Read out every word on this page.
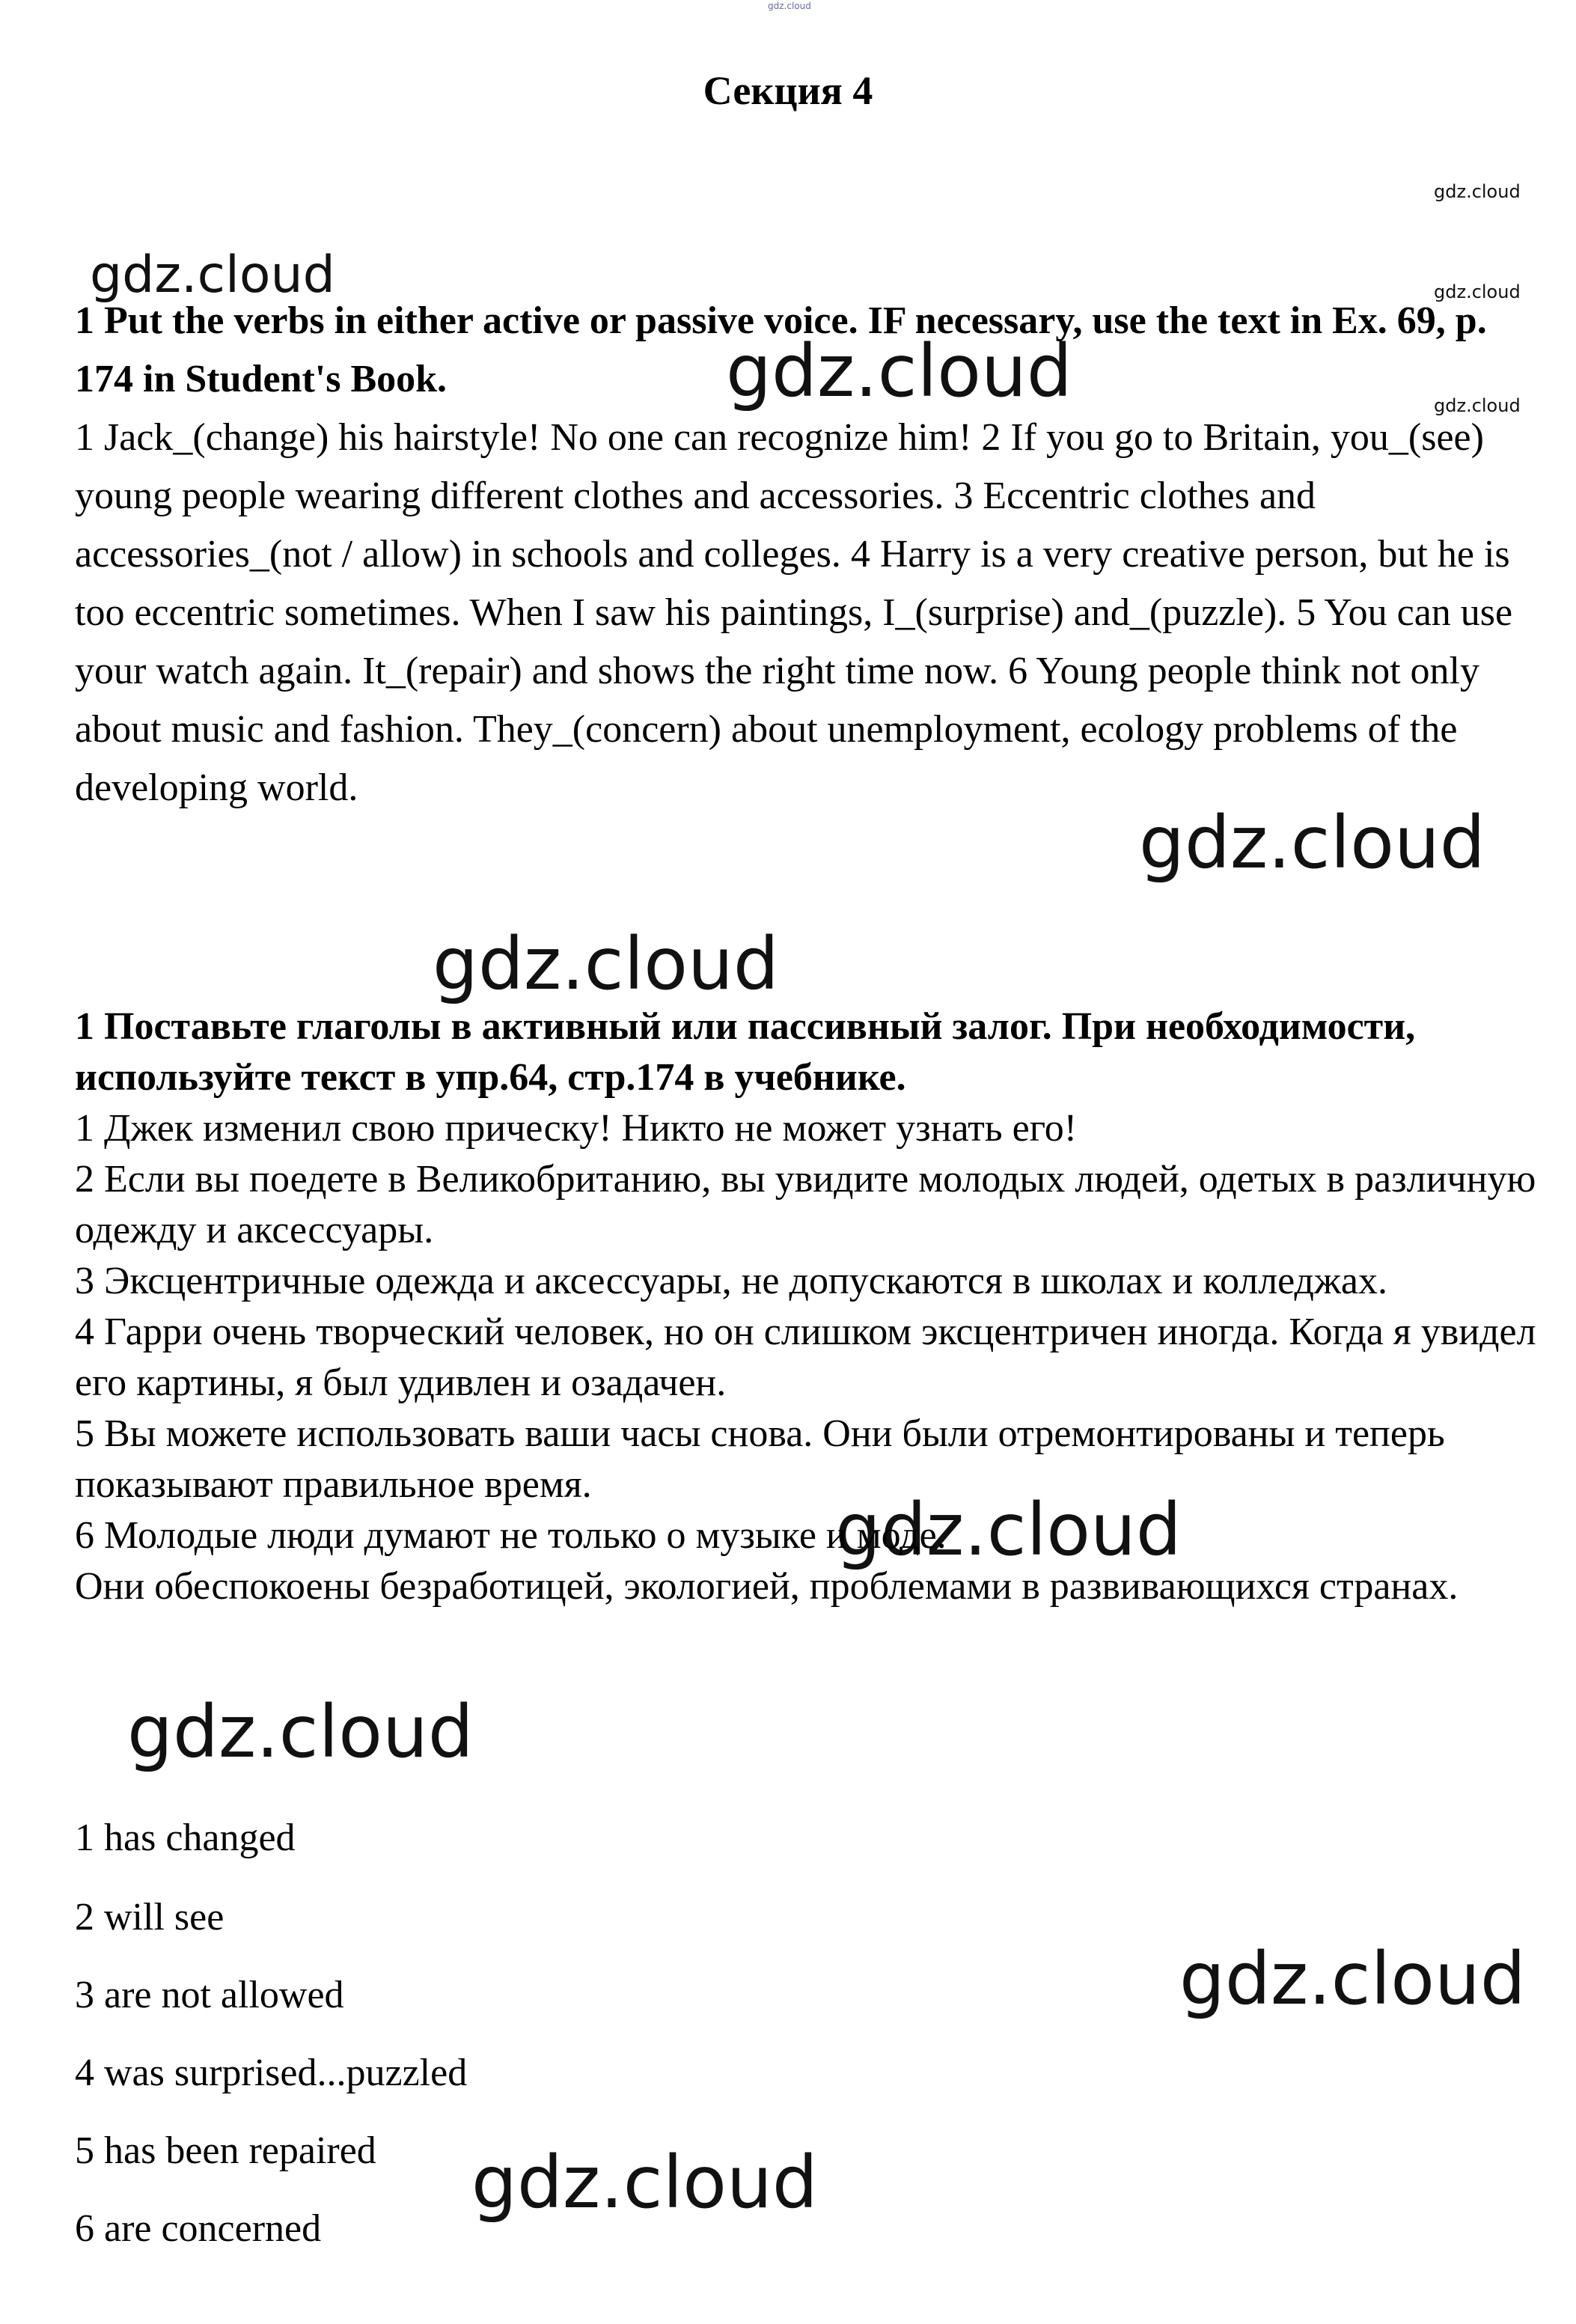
gdz.cloud
gdz.cloud
gdz.cloud
gdz.cloud
gdz.cloud
gdz.cloud
gdz.cloud
gdz.cloud
gdz.cloud
gdz.cloud
gdz.cloud
gdz.cloud
Секция 4

1 Put the verbs in either active or passive voice. IF necessary, use the text in Ex. 69, p. 174 in Student's Book.

1 Jack_(change) his hairstyle! No one can recognize him! 2 If you go to Britain, you_(see) young people wearing different clothes and accessories. 3 Eccentric clothes and accessories_(not / allow) in schools and colleges. 4 Harry is a very creative person, but he is too eccentric sometimes. When I saw his paintings, I_(surprise) and_(puzzle). 5 You can use your watch again. It_(repair) and shows the right time now. 6 Young people think not only about music and fashion. They_(concern) about unemployment, ecology problems of the developing world.

1 Поставьте глаголы в активный или пассивный залог. При необходимости, используйте текст в упр.64, стр.174 в учебнике.

1 Джек изменил свою прическу! Никто не может узнать его!

2 Если вы поедете в Великобританию, вы увидите молодых людей, одетых в различную одежду и аксессуары.

3 Эксцентричные одежда и аксессуары, не допускаются в школах и колледжах.

4 Гарри очень творческий человек, но он слишком эксцентричен иногда. Когда я увидел его картины, я был удивлен и озадачен.

5 Вы можете использовать ваши часы снова. Они были отремонтированы и теперь показывают правильное время.

6 Молодые люди думают не только о музыке и моде.

Они обеспокоены безработицей, экологией, проблемами в развивающихся странах.

1 has changed
2 will see
3 are not allowed
4 was surprised...puzzled
5 has been repaired
6 are concerned
